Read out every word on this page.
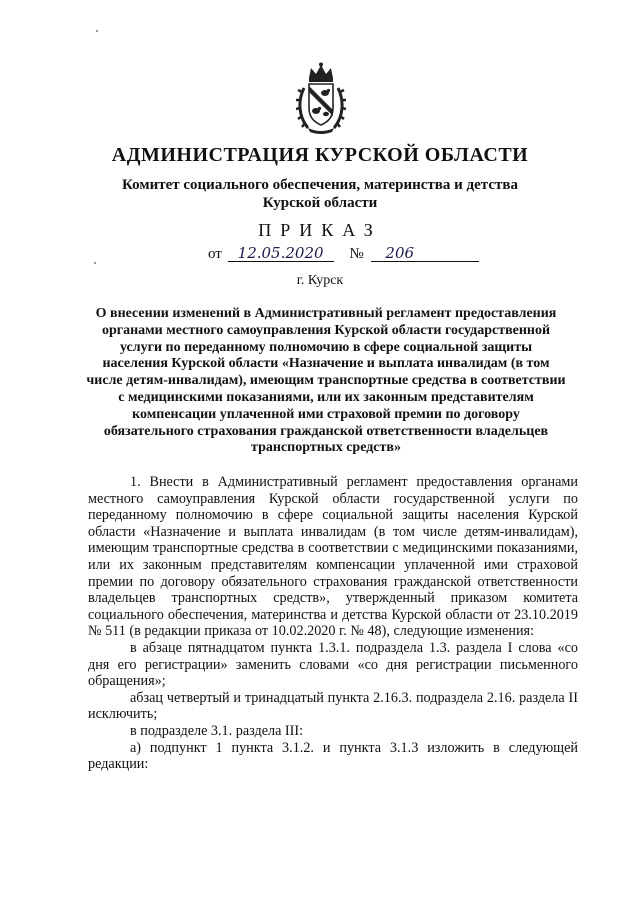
АДМИНИСТРАЦИЯ КУРСКОЙ ОБЛАСТИ
Комитет социального обеспечения, материнства и детства
Курской области
ПРИКАЗ
от 12.05.2020 № 206
г. Курск
О внесении изменений в Административный регламент предоставления органами местного самоуправления Курской области государственной услуги по переданному полномочию в сфере социальной защиты населения Курской области «Назначение и выплата инвалидам (в том числе детям-инвалидам), имеющим транспортные средства в соответствии с медицинскими показаниями, или их законным представителям компенсации уплаченной ими страховой премии по договору обязательного страхования гражданской ответственности владельцев транспортных средств»

1. Внести в Административный регламент предоставления органами местного самоуправления Курской области государственной услуги по переданному полномочию в сфере социальной защиты населения Курской области «Назначение и выплата инвалидам (в том числе детям-инвалидам), имеющим транспортные средства в соответствии с медицинскими показаниями, или их законным представителям компенсации уплаченной ими страховой премии по договору обязательного страхования гражданской ответственности владельцев транспортных средств», утвержденный приказом комитета социального обеспечения, материнства и детства Курской области от 23.10.2019 № 511 (в редакции приказа от 10.02.2020 г. № 48), следующие изменения:

в абзаце пятнадцатом пункта 1.3.1. подраздела 1.3. раздела I слова «со дня его регистрации» заменить словами «со дня регистрации письменного обращения»;

абзац четвертый и тринадцатый пункта 2.16.3. подраздела 2.16. раздела II исключить;

в подразделе 3.1. раздела III:

а) подпункт 1 пункта 3.1.2. и пункта 3.1.3 изложить в следующей редакции:
